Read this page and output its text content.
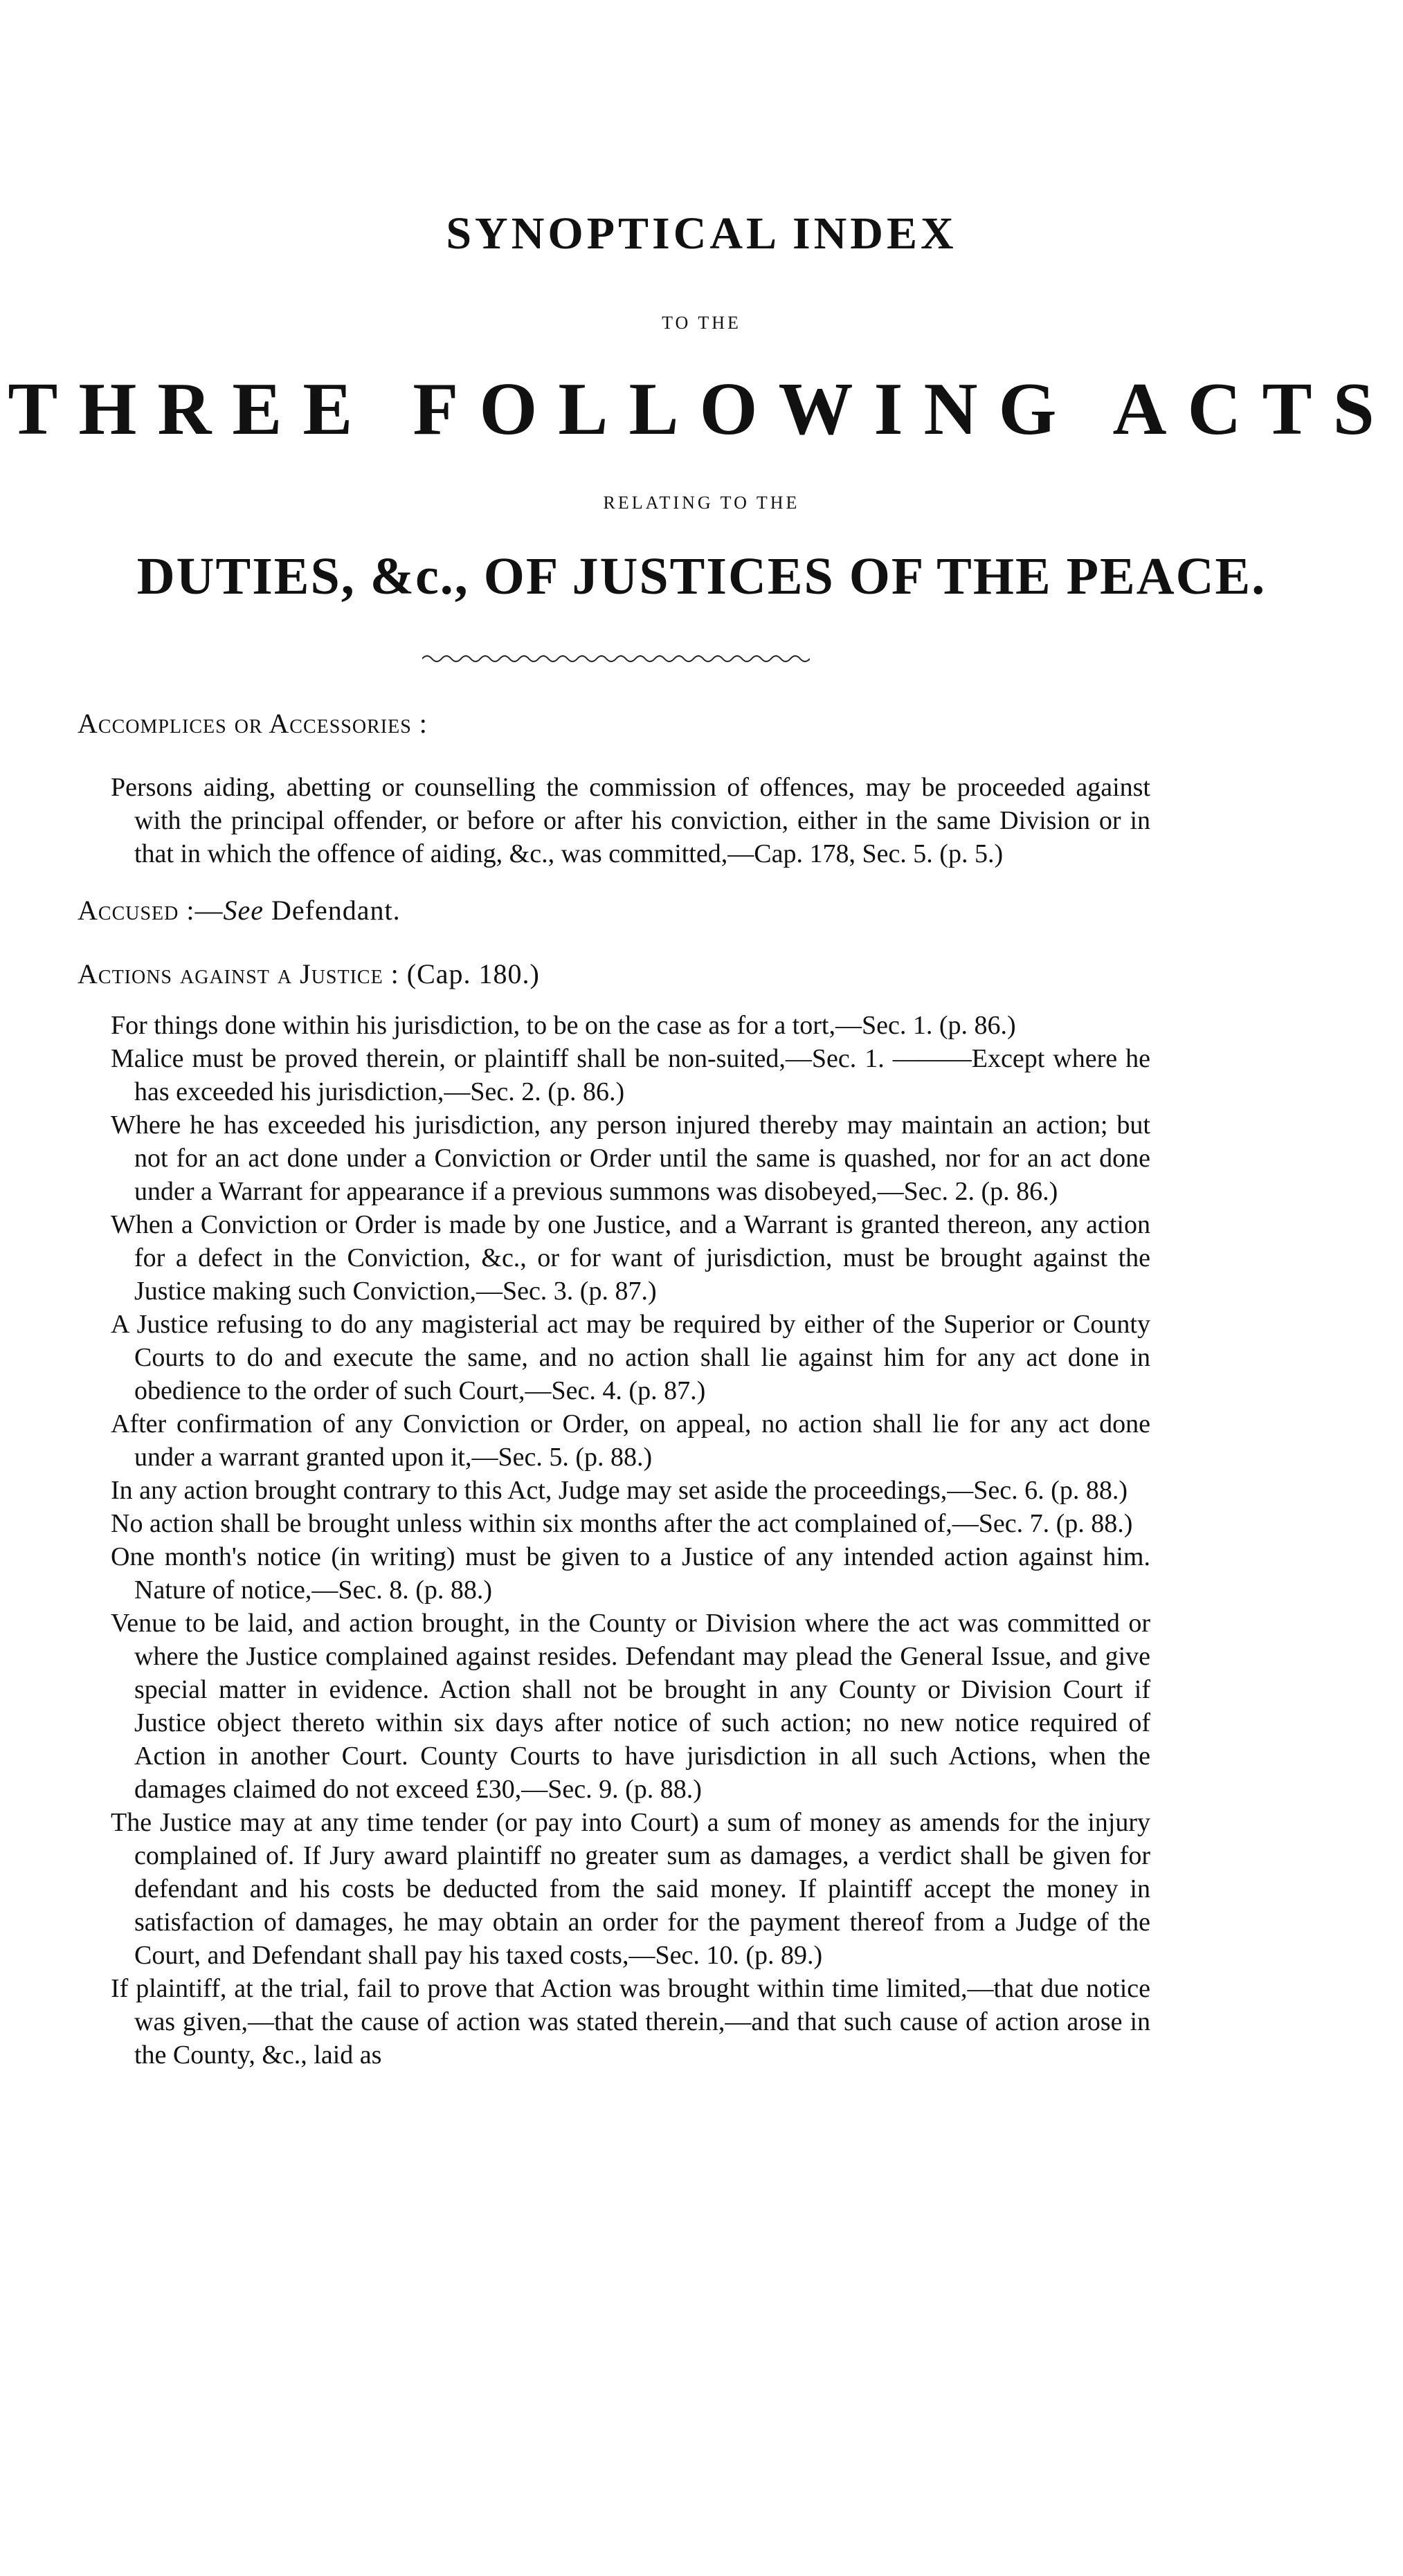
SYNOPTICAL INDEX
TO THE
THREE FOLLOWING ACTS
RELATING TO THE
DUTIES, &c., OF JUSTICES OF THE PEACE.

Accomplices or Accessories :

Persons aiding, abetting or counselling the commission of offences, may be proceeded against with the principal offender, or before or after his conviction, either in the same Division or in that in which the offence of aiding, &c., was committed,—Cap. 178, Sec. 5. (p. 5.)

Accused :—See Defendant.

Actions against a Justice : (Cap. 180.)

For things done within his jurisdiction, to be on the case as for a tort,—Sec. 1. (p. 86.)
Malice must be proved therein, or plaintiff shall be non-suited,—Sec. 1. ———Except where he has exceeded his jurisdiction,—Sec. 2. (p. 86.)
Where he has exceeded his jurisdiction, any person injured thereby may maintain an action; but not for an act done under a Conviction or Order until the same is quashed, nor for an act done under a Warrant for appearance if a previous summons was disobeyed,—Sec. 2. (p. 86.)
When a Conviction or Order is made by one Justice, and a Warrant is granted thereon, any action for a defect in the Conviction, &c., or for want of jurisdiction, must be brought against the Justice making such Conviction,—Sec. 3. (p. 87.)
A Justice refusing to do any magisterial act may be required by either of the Superior or County Courts to do and execute the same, and no action shall lie against him for any act done in obedience to the order of such Court,—Sec. 4. (p. 87.)
After confirmation of any Conviction or Order, on appeal, no action shall lie for any act done under a warrant granted upon it,—Sec. 5. (p. 88.)
In any action brought contrary to this Act, Judge may set aside the proceedings,—Sec. 6. (p. 88.)
No action shall be brought unless within six months after the act complained of,—Sec. 7. (p. 88.)
One month's notice (in writing) must be given to a Justice of any intended action against him. Nature of notice,—Sec. 8. (p. 88.)
Venue to be laid, and action brought, in the County or Division where the act was committed or where the Justice complained against resides. Defendant may plead the General Issue, and give special matter in evidence. Action shall not be brought in any County or Division Court if Justice object thereto within six days after notice of such action; no new notice required of Action in another Court. County Courts to have jurisdiction in all such Actions, when the damages claimed do not exceed £30,—Sec. 9. (p. 88.)
The Justice may at any time tender (or pay into Court) a sum of money as amends for the injury complained of. If Jury award plaintiff no greater sum as damages, a verdict shall be given for defendant and his costs be deducted from the said money. If plaintiff accept the money in satisfaction of damages, he may obtain an order for the payment thereof from a Judge of the Court, and Defendant shall pay his taxed costs,—Sec. 10. (p. 89.)
If plaintiff, at the trial, fail to prove that Action was brought within time limited,—that due notice was given,—that the cause of action was stated therein,—and that such cause of action arose in the County, &c., laid as
